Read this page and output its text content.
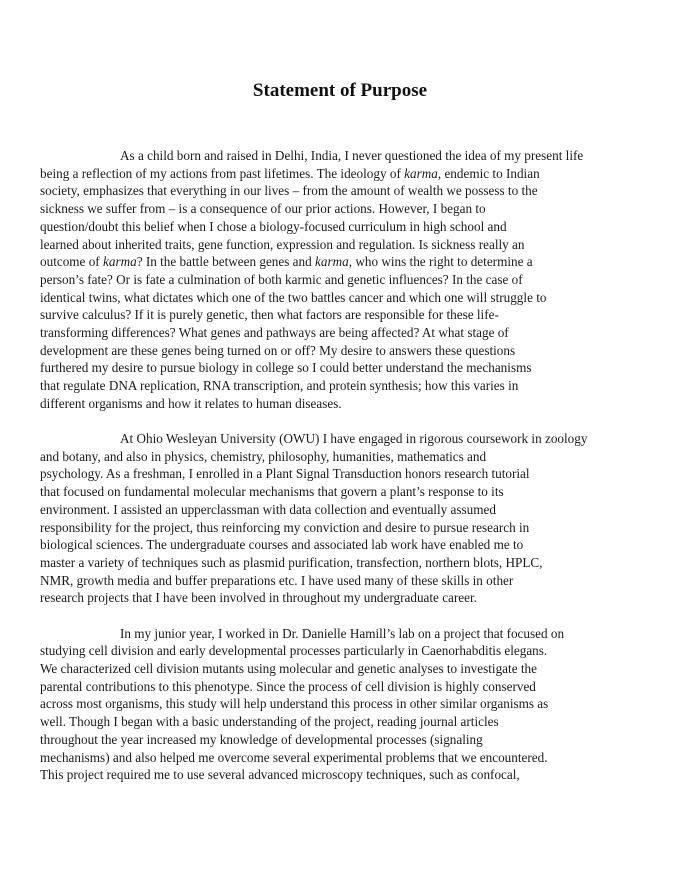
Statement of Purpose

As a child born and raised in Delhi, India, I never questioned the idea of my present life
being a reflection of my actions from past lifetimes. The ideology of karma, endemic to Indian
society, emphasizes that everything in our lives – from the amount of wealth we possess to the
sickness we suffer from – is a consequence of our prior actions. However, I began to
question/doubt this belief when I chose a biology-focused curriculum in high school and
learned about inherited traits, gene function, expression and regulation. Is sickness really an
outcome of karma? In the battle between genes and karma, who wins the right to determine a
person’s fate? Or is fate a culmination of both karmic and genetic influences? In the case of
identical twins, what dictates which one of the two battles cancer and which one will struggle to
survive calculus? If it is purely genetic, then what factors are responsible for these life-
transforming differences? What genes and pathways are being affected? At what stage of
development are these genes being turned on or off? My desire to answers these questions
furthered my desire to pursue biology in college so I could better understand the mechanisms
that regulate DNA replication, RNA transcription, and protein synthesis; how this varies in
different organisms and how it relates to human diseases.

At Ohio Wesleyan University (OWU) I have engaged in rigorous coursework in zoology
and botany, and also in physics, chemistry, philosophy, humanities, mathematics and
psychology. As a freshman, I enrolled in a Plant Signal Transduction honors research tutorial
that focused on fundamental molecular mechanisms that govern a plant’s response to its
environment. I assisted an upperclassman with data collection and eventually assumed
responsibility for the project, thus reinforcing my conviction and desire to pursue research in
biological sciences. The undergraduate courses and associated lab work have enabled me to
master a variety of techniques such as plasmid purification, transfection, northern blots, HPLC,
NMR, growth media and buffer preparations etc. I have used many of these skills in other
research projects that I have been involved in throughout my undergraduate career.

In my junior year, I worked in Dr. Danielle Hamill’s lab on a project that focused on
studying cell division and early developmental processes particularly in Caenorhabditis elegans.
We characterized cell division mutants using molecular and genetic analyses to investigate the
parental contributions to this phenotype. Since the process of cell division is highly conserved
across most organisms, this study will help understand this process in other similar organisms as
well. Though I began with a basic understanding of the project, reading journal articles
throughout the year increased my knowledge of developmental processes (signaling
mechanisms) and also helped me overcome several experimental problems that we encountered.
This project required me to use several advanced microscopy techniques, such as confocal,
